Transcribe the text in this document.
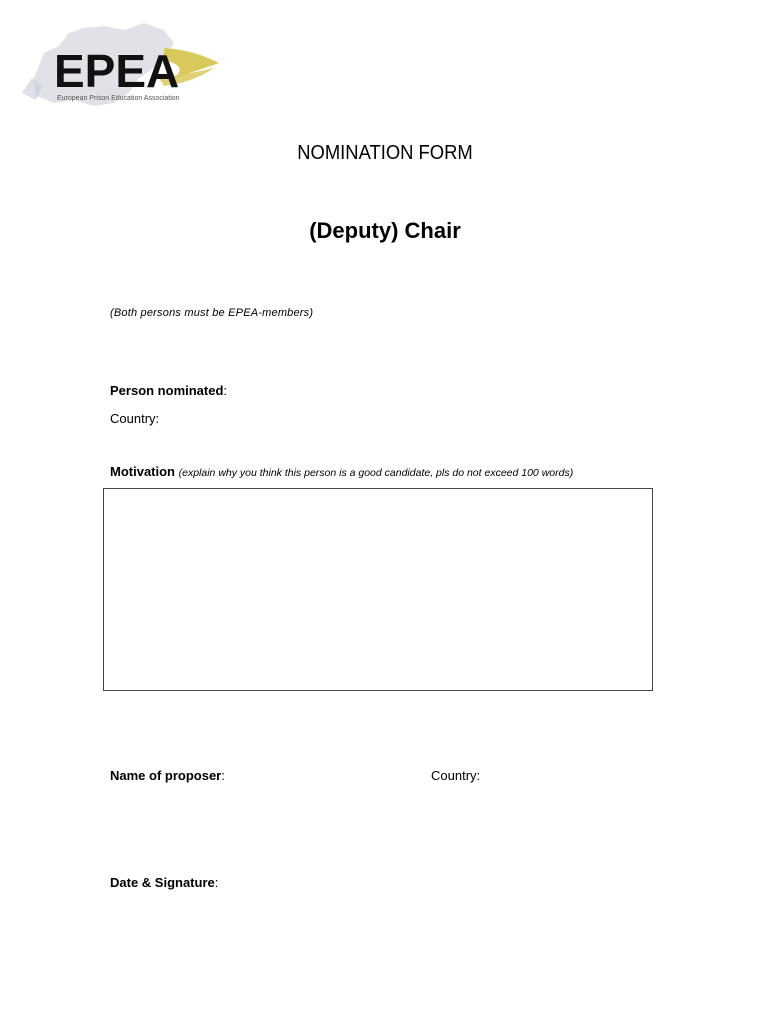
EPEA
European Prison Education Association
NOMINATION FORM
(Deputy) Chair
(Both persons must be EPEA-members)
Person nominated:
Country:
Motivation (explain why you think this person is a good candidate, pls do not exceed 100 words)
Name of proposer:	Country:
Date & Signature:
